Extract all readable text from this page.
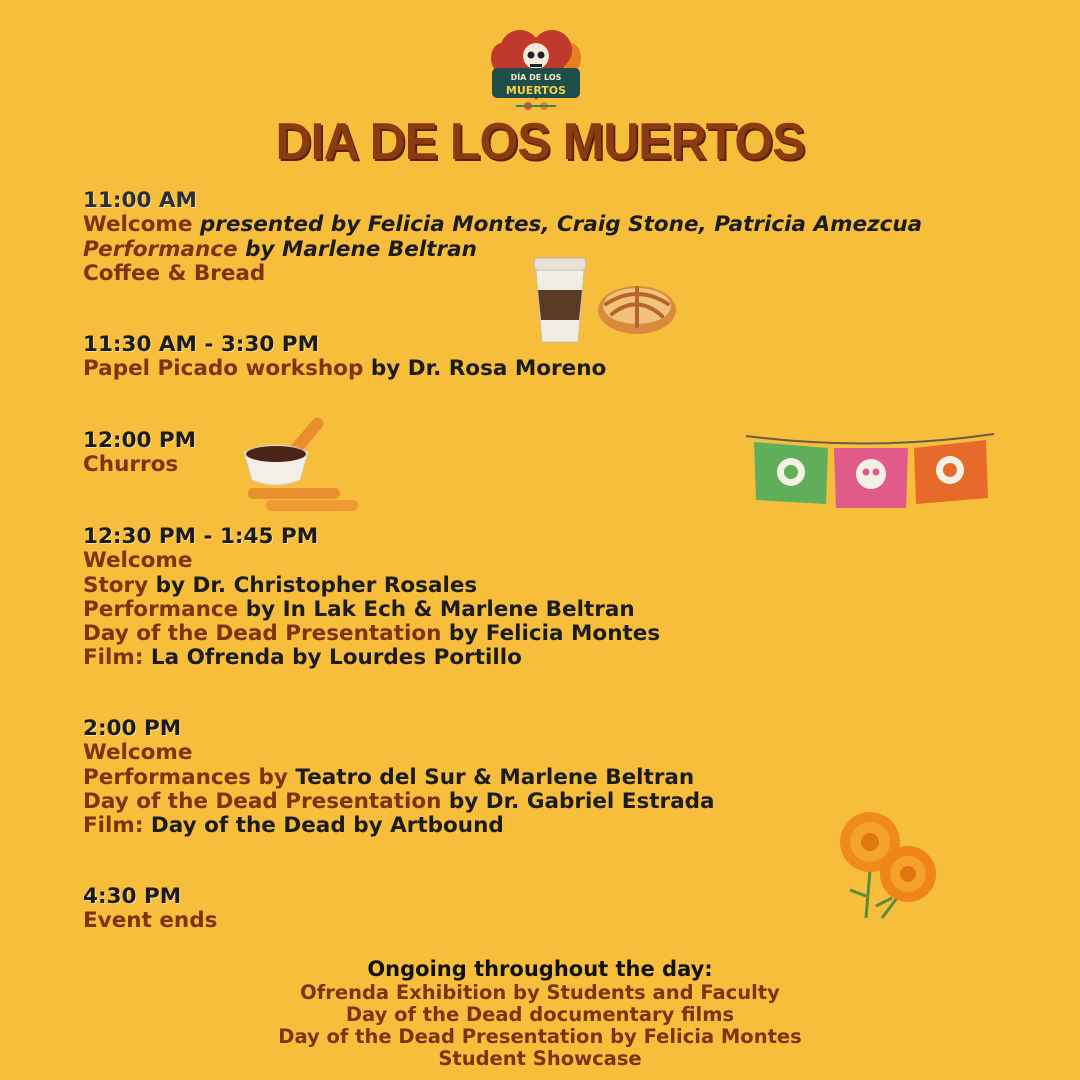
DÍA DE LOS
MUERTOS
DIA DE LOS MUERTOS
11:00 AM
Welcome presented by Felicia Montes, Craig Stone, Patricia Amezcua
Performance by Marlene Beltran
Coffee & Bread
11:30 AM - 3:30 PM
Papel Picado workshop by Dr. Rosa Moreno
12:00 PM
Churros
12:30 PM - 1:45 PM
Welcome
Story by Dr. Christopher Rosales
Performance by In Lak Ech & Marlene Beltran
Day of the Dead Presentation by Felicia Montes
Film: La Ofrenda by Lourdes Portillo
2:00 PM
Welcome
Performances by Teatro del Sur & Marlene Beltran
Day of the Dead Presentation by Dr. Gabriel Estrada
Film: Day of the Dead by Artbound
4:30 PM
Event ends
Ongoing throughout the day:
Ofrenda Exhibition by Students and Faculty
Day of the Dead documentary films
Day of the Dead Presentation by Felicia Montes
Student Showcase
